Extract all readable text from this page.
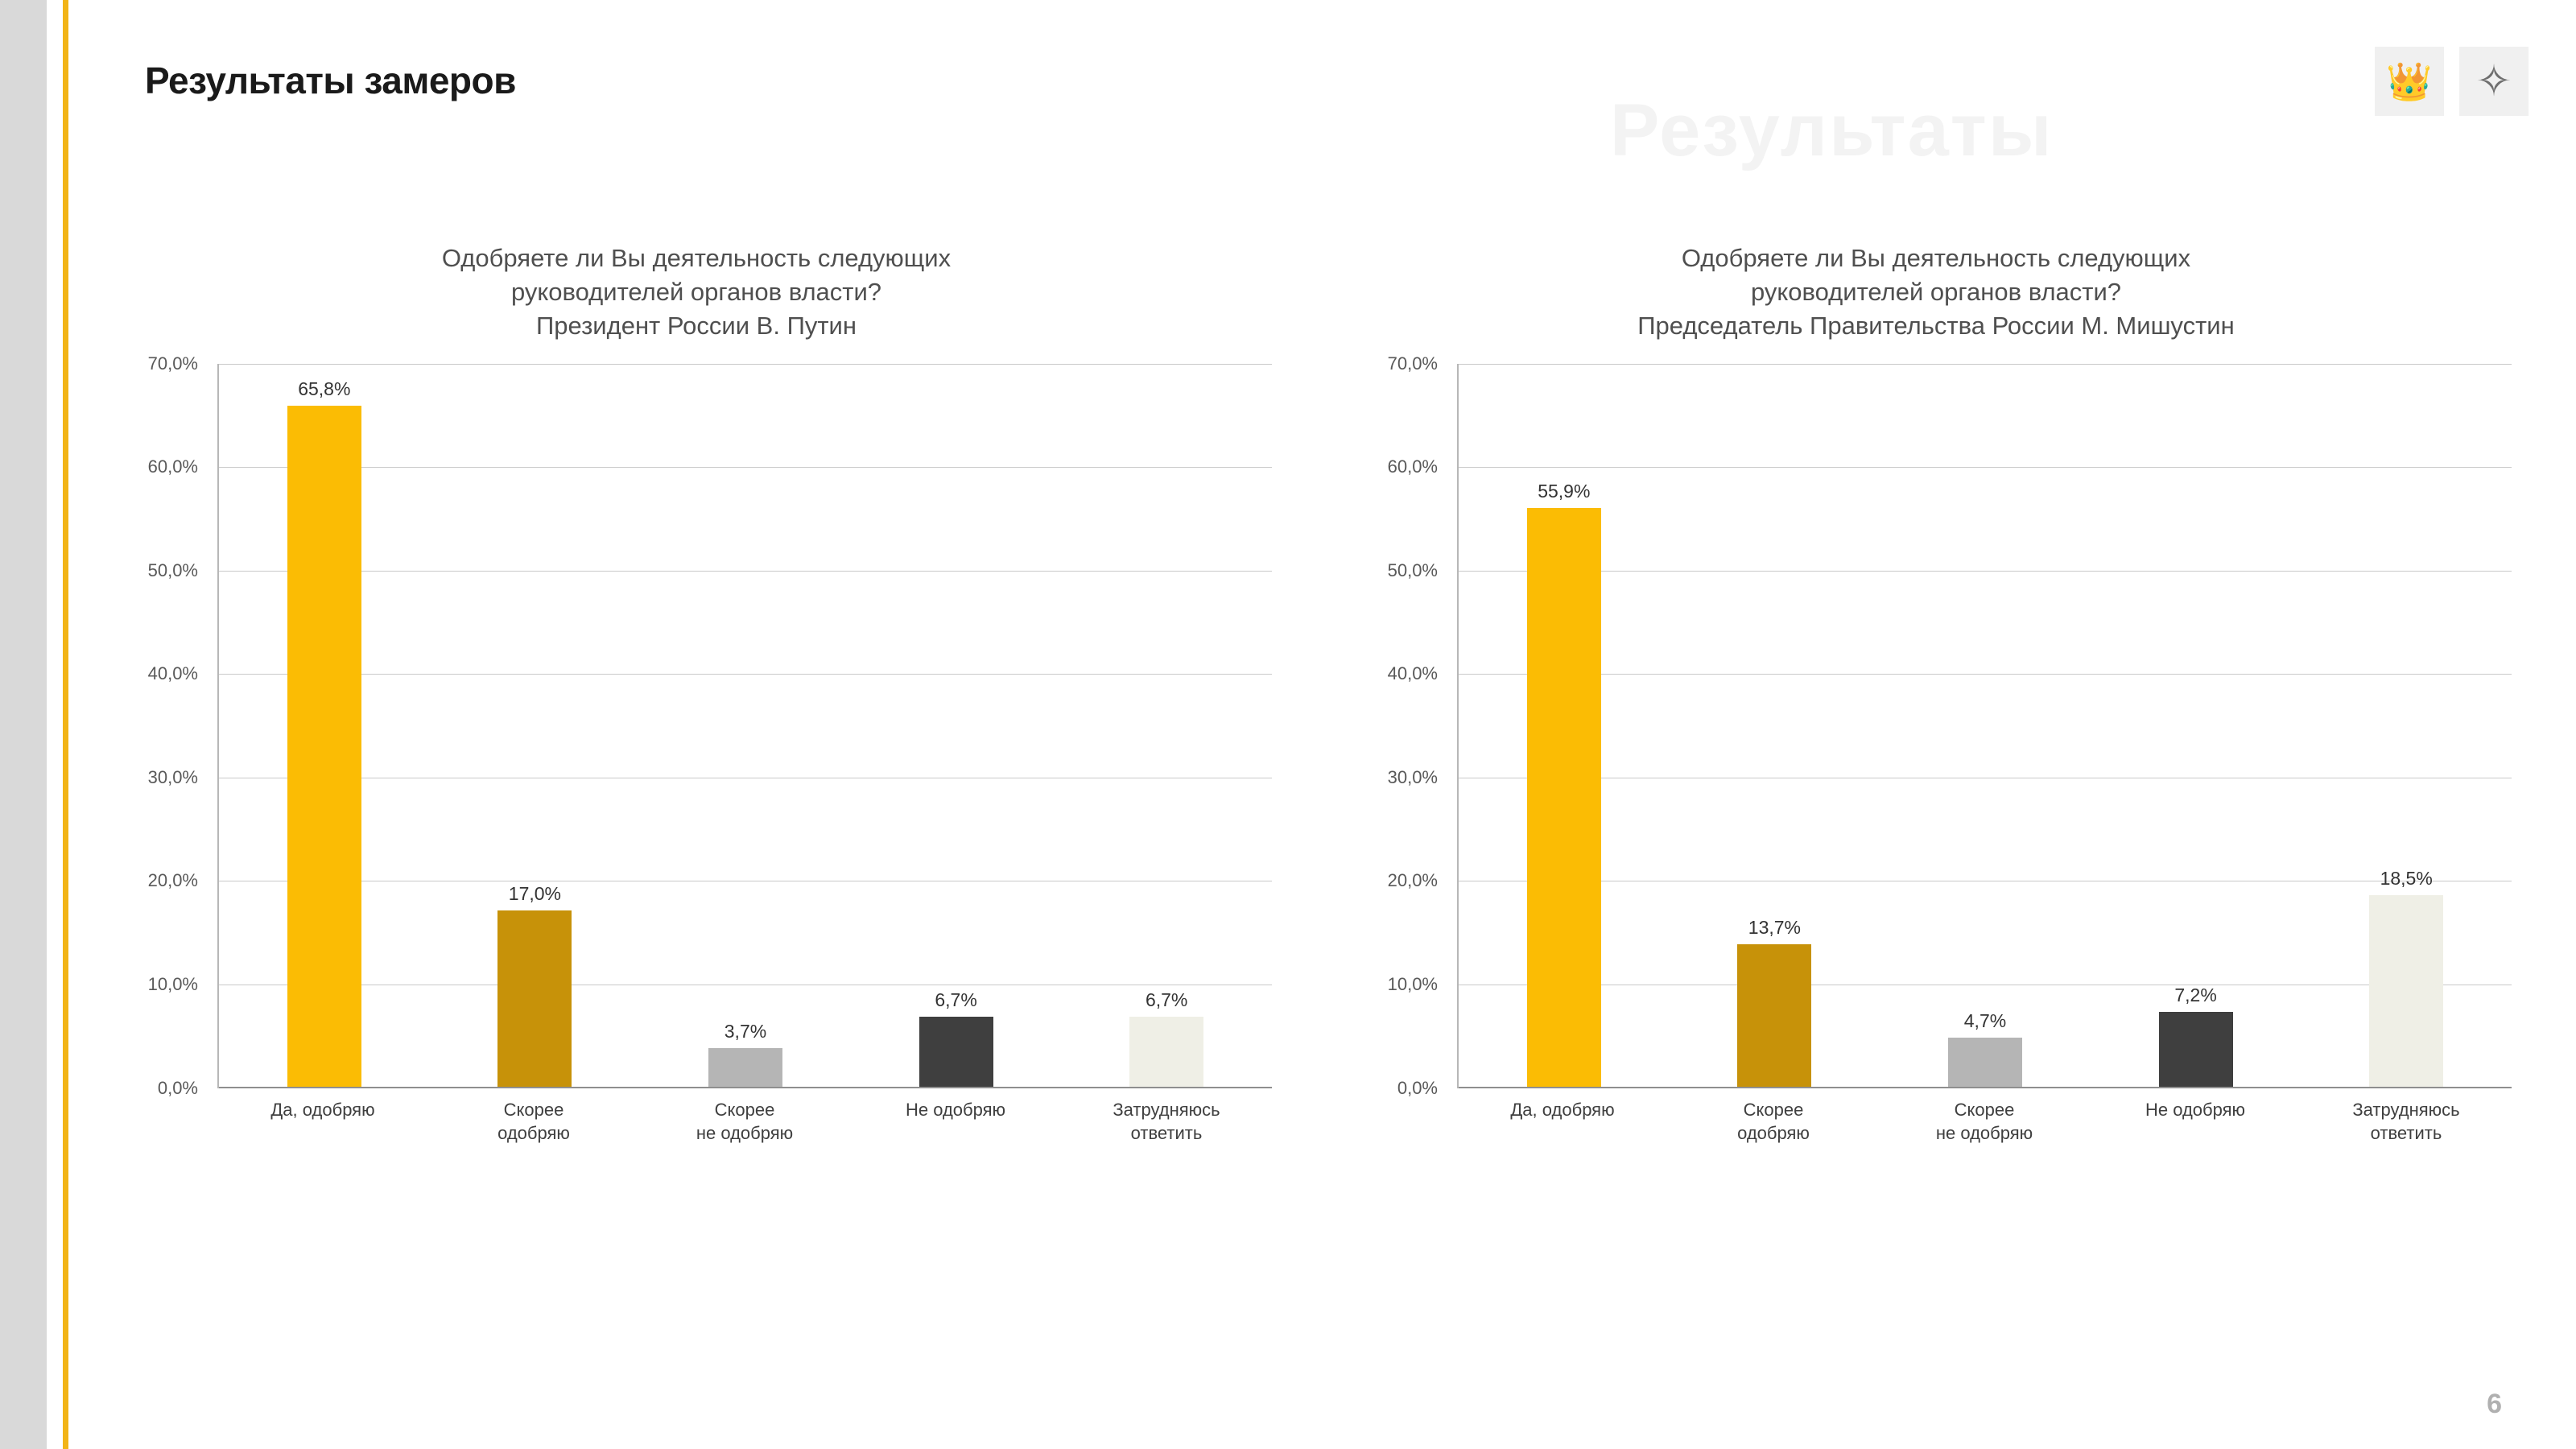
Результаты
Результаты замеров	👑 ✧
Одобряете ли Вы деятельность следующих
руководителей органов власти?
Президент России В. Путин
0,0%
10,0%
20,0%
30,0%
40,0%
50,0%
60,0%
70,0%
65,8%
17,0%
3,7%
6,7%	6,7%
Да, одобряю	Скорее
одобряю
Скорее
не одобряю
Не одобряю	Затрудняюсь
ответить
Одобряете ли Вы деятельность следующих
руководителей органов власти?
Председатель Правительства России М. Мишустин
0,0%
10,0%
20,0%
30,0%
40,0%
50,0%
60,0%
70,0%
55,9%
13,7%
4,7%
7,2%
18,5%
Да, одобряю	Скорее
одобряю
Скорее
не одобряю
Не одобряю	Затрудняюсь
ответить
6
